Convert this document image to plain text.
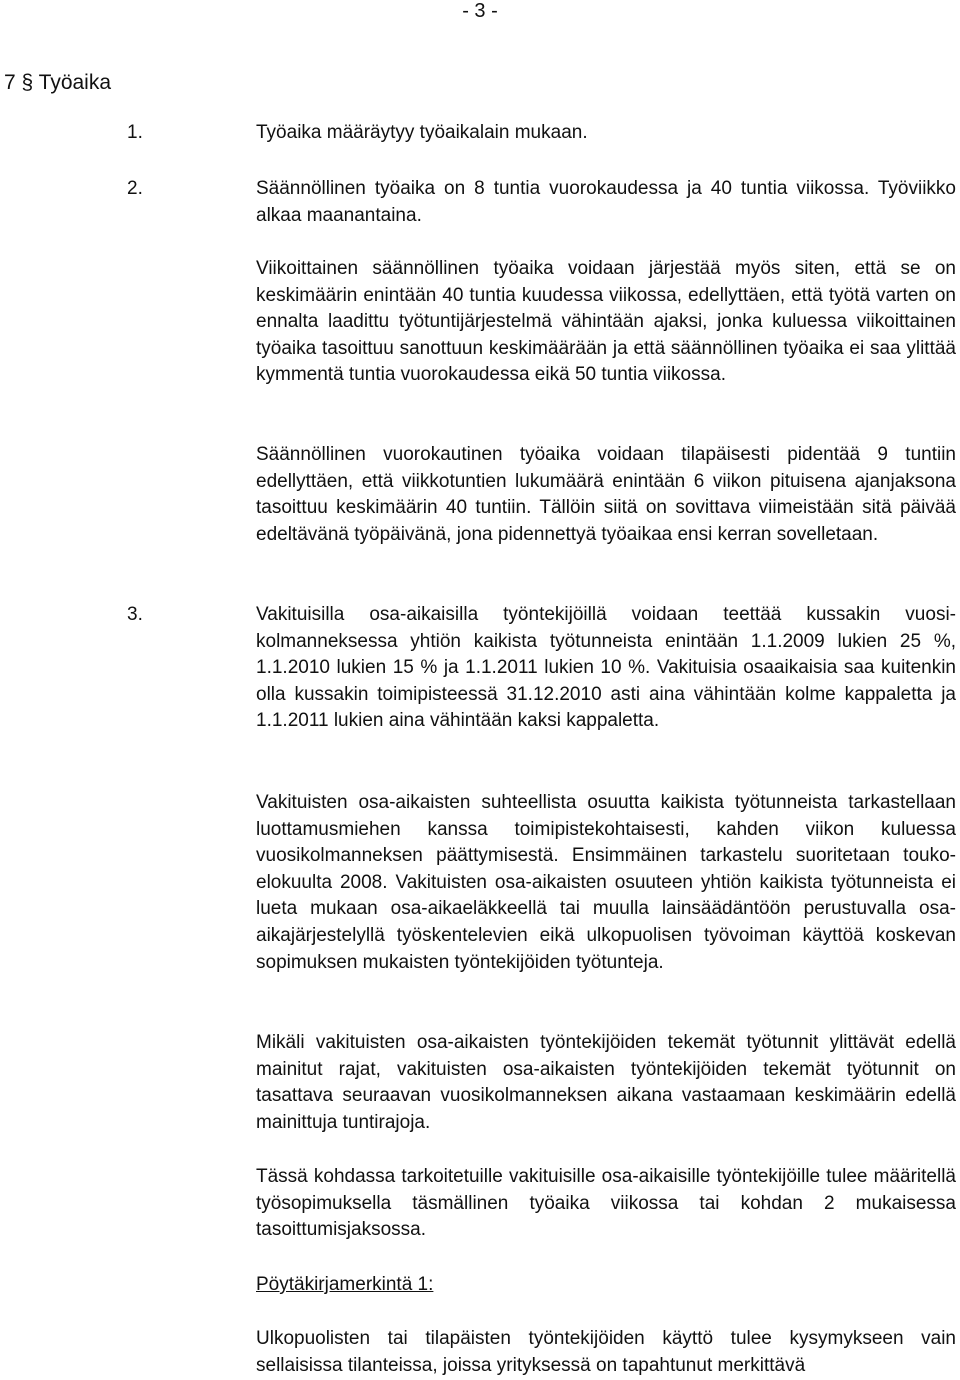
- 3 -
7 § Työaika
1.	Työaika määräytyy työaikalain mukaan.

2.	Säännöllinen työaika on 8 tuntia vuorokaudessa ja 40 tuntia viikossa. Työviikko alkaa maanantaina.

Viikoittainen säännöllinen työaika voidaan järjestää myös siten, että se on keskimäärin enintään 40 tuntia kuudessa viikossa, edellyttäen, että työtä varten on ennalta laadittu työtuntijärjestelmä vähintään ajaksi, jonka kuluessa viikoittainen työaika tasoittuu sanottuun keskimäärään ja että säännöllinen työaika ei saa ylittää kymmentä tuntia vuorokaudessa eikä 50 tuntia viikossa.

Säännöllinen vuorokautinen työaika voidaan tilapäisesti pidentää 9 tuntiin edellyttäen, että viikkotuntien lukumäärä enintään 6 viikon pituisena ajanjaksona tasoittuu keskimäärin 40 tuntiin. Tällöin siitä on sovittava viimeistään sitä päivää edeltävänä työpäivänä, jona pidennettyä työaikaa ensi kerran sovelletaan.

3.	Vakituisilla osa-aikaisilla työntekijöillä voidaan teettää kussakin vuosikolmanneksessa yhtiön kaikista työtunneista enintään 1.1.2009 lukien 25 %, 1.1.2010 lukien 15 % ja 1.1.2011 lukien 10 %. Vakituisia osaaikaisia saa kuitenkin olla kussakin toimipisteessä 31.12.2010 asti aina vähintään kolme kappaletta ja 1.1.2011 lukien aina vähintään kaksi kappaletta.

Vakituisten osa-aikaisten suhteellista osuutta kaikista työtunneista tarkastellaan luottamusmiehen kanssa toimipistekohtaisesti, kahden viikon kuluessa vuosikolmanneksen päättymisestä. Ensimmäinen tarkastelu suoritetaan touko-elokuulta 2008. Vakituisten osa-aikaisten osuuteen yhtiön kaikista työtunneista ei lueta mukaan osa-aikaeläkkeellä tai muulla lainsäädäntöön perustuvalla osa-aikajärjestelyllä työskentelevien eikä ulkopuolisen työvoiman käyttöä koskevan sopimuksen mukaisten työntekijöiden työtunteja.

Mikäli vakituisten osa-aikaisten työntekijöiden tekemät työtunnit ylittävät edellä mainitut rajat, vakituisten osa-aikaisten työntekijöiden tekemät työtunnit on tasattava seuraavan vuosikolmanneksen aikana vastaamaan keskimäärin edellä mainittuja tuntirajoja.

Tässä kohdassa tarkoitetuille vakituisille osa-aikaisille työntekijöille tulee määritellä työsopimuksella täsmällinen työaika viikossa tai kohdan 2 mukaisessa tasoittumisjaksossa.

Pöytäkirjamerkintä 1:

Ulkopuolisten tai tilapäisten työntekijöiden käyttö tulee kysymykseen vain sellaisissa tilanteissa, joissa yrityksessä on tapahtunut merkittävä
